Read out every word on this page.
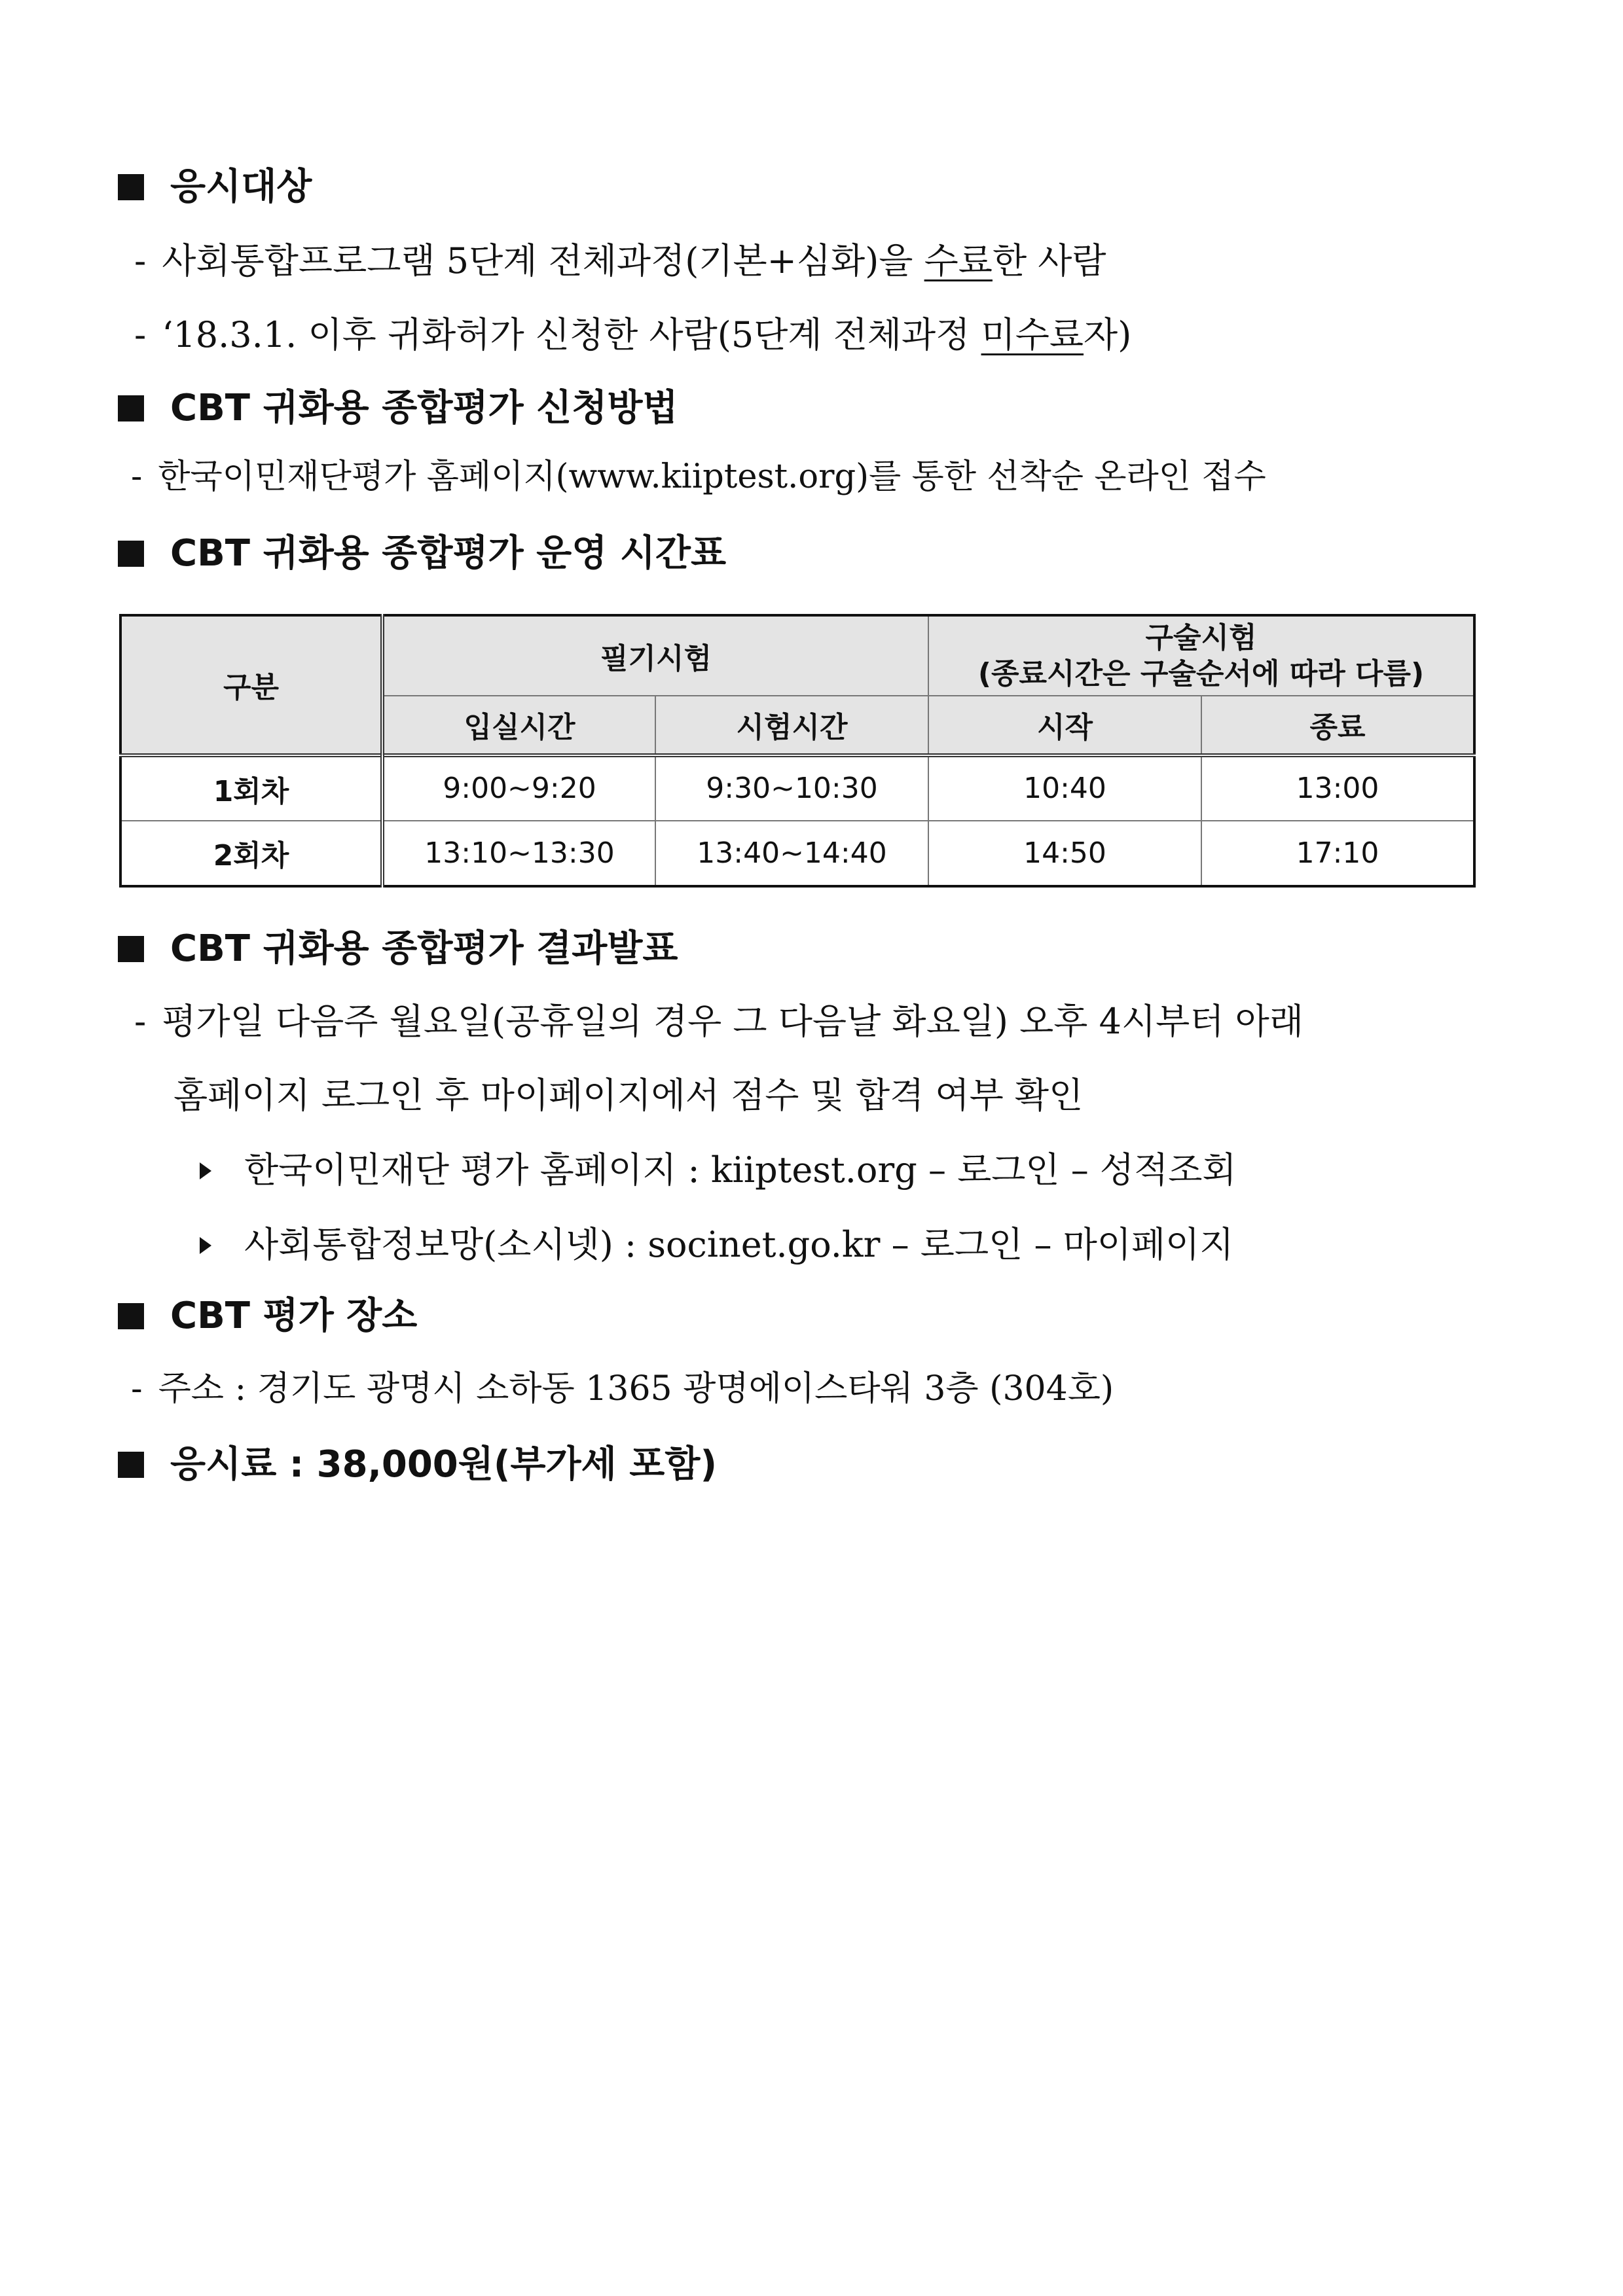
응시대상
- 사회통합프로그램 5단계 전체과정(기본+심화)을 수료한 사람
- ‘18.3.1. 이후 귀화허가 신청한 사람(5단계 전체과정 미수료자)
CBT 귀화용 종합평가 신청방법
- 한국이민재단평가 홈페이지(www.kiiptest.org)를 통한 선착순 온라인 접수
CBT 귀화용 종합평가 운영 시간표
구분	필기시험		구술시험
(종료시간은 구술순서에 따라 다름)	

	입실시간	시험시간	시작	종료
1회차	9:00~9:20	9:30~10:30	10:40	13:00
2회차	13:10~13:30	13:40~14:40	14:50	17:10
CBT 귀화용 종합평가 결과발표
- 평가일 다음주 월요일(공휴일의 경우 그 다음날 화요일) 오후 4시부터 아래
홈페이지 로그인 후 마이페이지에서 점수 및 합격 여부 확인
한국이민재단 평가 홈페이지 : kiiptest.org – 로그인 – 성적조회
사회통합정보망(소시넷) : socinet.go.kr – 로그인 – 마이페이지
CBT 평가 장소
- 주소 : 경기도 광명시 소하동 1365 광명에이스타워 3층 (304호)
응시료 : 38,000원(부가세 포함)
